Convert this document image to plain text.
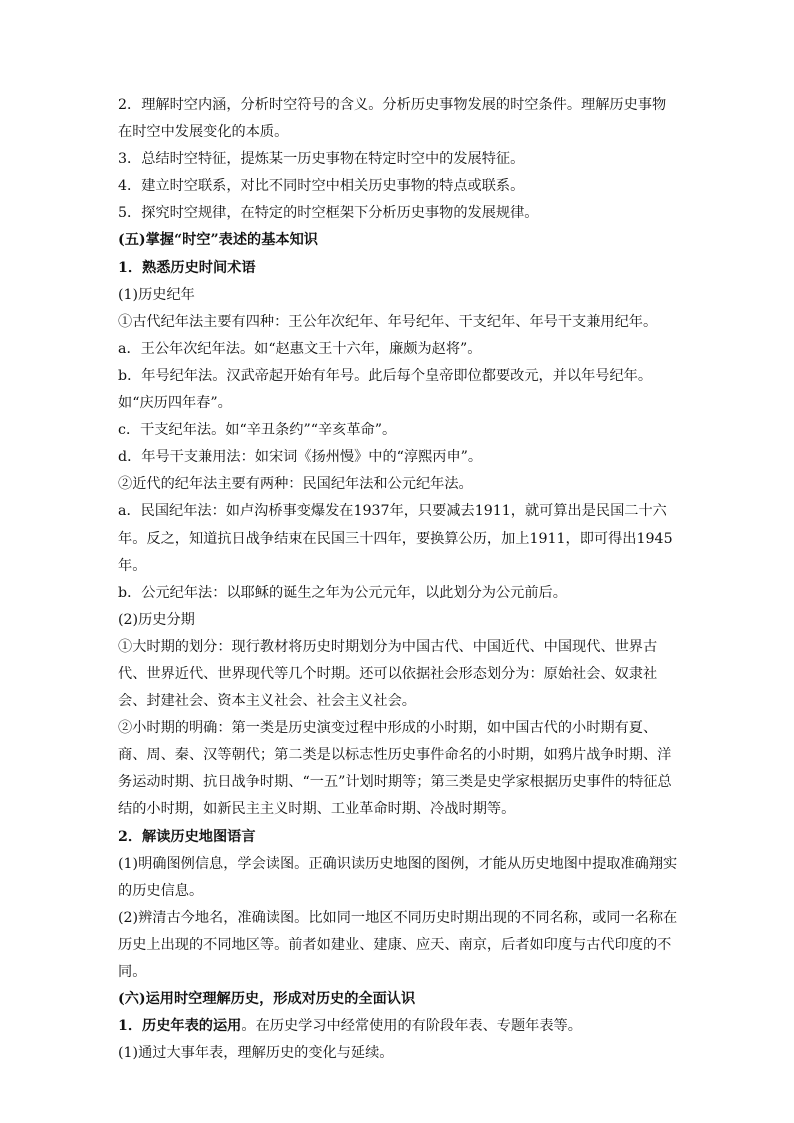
2．理解时空内涵，分析时空符号的含义。分析历史事物发展的时空条件。理解历史事物在时空中发展变化的本质。

3．总结时空特征，提炼某一历史事物在特定时空中的发展特征。

4．建立时空联系，对比不同时空中相关历史事物的特点或联系。

5．探究时空规律，在特定的时空框架下分析历史事物的发展规律。

(五)掌握“时空”表述的基本知识

1．熟悉历史时间术语

(1)历史纪年

①古代纪年法主要有四种：王公年次纪年、年号纪年、干支纪年、年号干支兼用纪年。

a．王公年次纪年法。如“赵惠文王十六年，廉颇为赵将”。

b．年号纪年法。汉武帝起开始有年号。此后每个皇帝即位都要改元，并以年号纪年。如“庆历四年春”。

c．干支纪年法。如“辛丑条约”“辛亥革命”。

d．年号干支兼用法：如宋词《扬州慢》中的“淳熙丙申”。

②近代的纪年法主要有两种：民国纪年法和公元纪年法。

a．民国纪年法：如卢沟桥事变爆发在1937年，只要减去1911，就可算出是民国二十六年。反之，知道抗日战争结束在民国三十四年，要换算公历，加上1911，即可得出1945年。

b．公元纪年法：以耶稣的诞生之年为公元元年，以此划分为公元前后。

(2)历史分期

①大时期的划分：现行教材将历史时期划分为中国古代、中国近代、中国现代、世界古代、世界近代、世界现代等几个时期。还可以依据社会形态划分为：原始社会、奴隶社会、封建社会、资本主义社会、社会主义社会。

②小时期的明确：第一类是历史演变过程中形成的小时期，如中国古代的小时期有夏、商、周、秦、汉等朝代；第二类是以标志性历史事件命名的小时期，如鸦片战争时期、洋务运动时期、抗日战争时期、“一五”计划时期等；第三类是史学家根据历史事件的特征总结的小时期，如新民主主义时期、工业革命时期、冷战时期等。

2．解读历史地图语言

(1)明确图例信息，学会读图。正确识读历史地图的图例，才能从历史地图中提取准确翔实的历史信息。

(2)辨清古今地名，准确读图。比如同一地区不同历史时期出现的不同名称，或同一名称在历史上出现的不同地区等。前者如建业、建康、应天、南京，后者如印度与古代印度的不同。

(六)运用时空理解历史，形成对历史的全面认识

1．历史年表的运用。在历史学习中经常使用的有阶段年表、专题年表等。

(1)通过大事年表，理解历史的变化与延续。
